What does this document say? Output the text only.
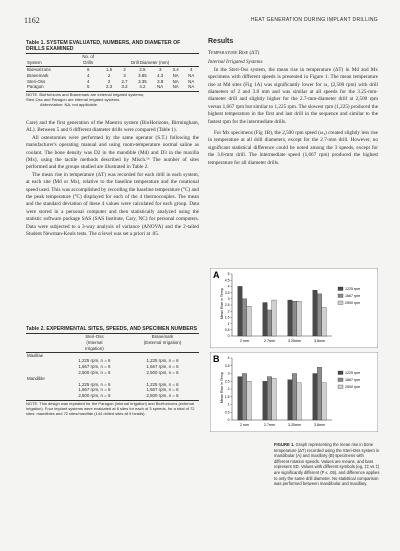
1162	HEAT GENERATION DURING IMPLANT DRILLING
Table 1. SYSTEM EVALUATED, NUMBERS, AND DIAMETER OF DRILLS EXAMINED
	No. of						
System	Drills	Drill Diameter (mm)					
BioHorizons	6	1.5	2	2.5	3	3.4	4
Branemark	4	2	3	3.85	4.3	NA	NA
Steri-Oss	4	2	2.7	3.35	3.8	NA	NA
Paragon	5	2.3	3.2	4.2	NA	NA	NA
NOTE. BioHorizons and Branemark are external irrigated systems;
Steri-Oss and Paragon are internal irrigated systems.
Abbreviation: NA, not applicable.

Care) and the first generation of the Maestro system (BioHorizons, Birmingham, AL). Between 5 and 6 different diameter drills were compared (Table 1).

All osteotomies were performed by the same operator (S.T.) following the manufacturer's operating manual and using room-temperature normal saline as coolant. The bone density was D2 in the mandible (Md) and D3 in the maxilla (Mx), using the tactile methods described by Misch.¹⁶ The number of sites performed and the groups studied are illustrated in Table 2.

The mean rise in temperature (ΔT) was recorded for each drill in each system, at each site (Md or Mx), relative to the baseline temperature and the rotational speed used. This was accomplished by recording the baseline temperature (°C) and the peak temperature (°C) displayed for each of the 4 thermocouples. The mean and the standard deviation of these 4 values were calculated for each group. Data were stored in a personal computer and then statistically analyzed using the statistic software package SAS (SAS Institute, Cary, NC) for personal computers. Data were subjected to a 3-way analysis of variance (ANOVA) and the 2-tailed Student Newman-Keuls tests. The α level was set a priori at .05.

Table 2. EXPERIMENTAL SITES, SPEEDS, AND SPECIMEN NUMBERS
	Steri-Oss	Branemark
	(Internal	(External Irrigation)
	Irrigation)	
Maxillae		
	1,225 rpm, n = 6	1,225 rpm, n = 6
	1,667 rpm, n = 6	1,667 rpm, n = 6
	2,500 rpm, n = 6	2,500 rpm, n = 6
Mandible		
	1,225 rpm, n = 6	1,225 rpm, n = 6
	1,667 rpm, n = 6	1,667 rpm, n = 6
	2,500 rpm, n = 6	2,500 rpm, n = 6
NOTE. This design was repeated for the Paragon (internal irrigation) and BioHorizons (external irrigation). Four implant systems were evaluated at 6 sites for each of 3 speeds, for a total of 72 sites: mandibles and 72 sites/maxillae (144 drilled sites at 9 heads).
Results
Temperature Rise (ΔT)
Internal Irrigated Systems

In the Steri-Oss system, the mean rise in temperature (ΔT) in Md and Mx specimens with different speeds is presented in Figure 1. The mean temperature rise at Md sites (Fig 1A) was significantly lower for ω₁ (2,500 rpm) with drill diameters of 2 and 3.8 mm and was similar at all speeds for the 3.25-mm-diameter drill and slightly higher for the 2.7-mm-diameter drill at 2,500 rpm versus 1,667 rpm but similar to 1,225 rpm. The slowest rpm (1,225) produced the highest temperature in the first and last drill in the sequence and similar to the fastest rpm for the intermediate drills.

For Mx specimens (Fig 1B), the 2,500 rpm speed (ω₃) created slightly less rise in temperature at all drill diameters, except for the 2.7-mm drill. However, no significant statistical difference could be noted among the 3 speeds, except for the 3.8-mm drill. The intermediate speed (1,667 rpm) produced the highest temperature for all diameter drills.

A
Mean Rise in Temp
0
0.5
1
1.5
2
2.5
3
3.5
4
4.5
5
2 mm	2.7mm	3.25mm	3.8mm
1225 rpm
1667 rpm
2500 rpm
B
Mean Rise in Temp
0
0.5
1
1.5
2
2.5
3
3.5
4
2 mm	2.7mm	3.25mm	3.8mm
1225 rpm
1667 rpm
2500 rpm
FIGURE 1. Graph representing the mean rise in bone temperature (ΔT) recorded using the Steri-Oss system in mandibular (A) and maxillary (B) specimens with different rotation speeds. Values are means, and bars represent SD. Values with different symbols (eg, ‡‡ vs ‡) are significantly different (P ≤ .05), and difference applies to only the same drill diameter. No statistical comparison was performed between mandibular and maxillary.
